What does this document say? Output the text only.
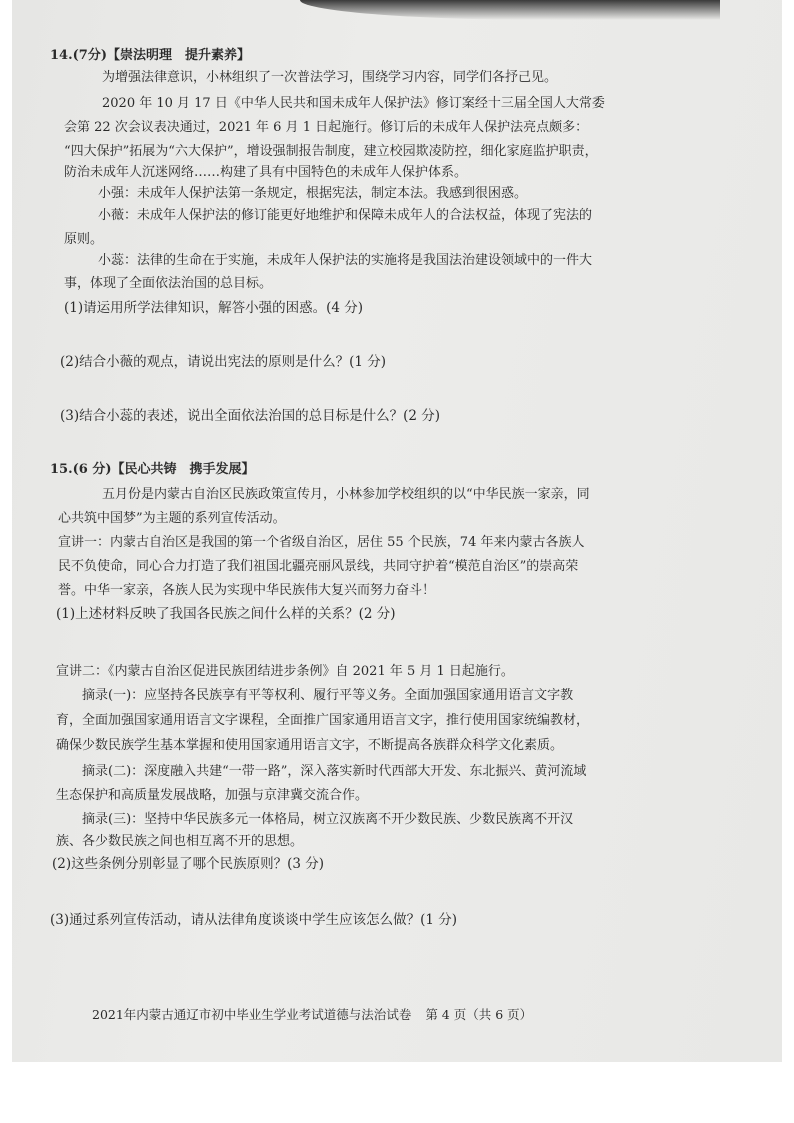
14.(7分)【崇法明理　提升素养】
为增强法律意识，小林组织了一次普法学习，围绕学习内容，同学们各抒己见。
2020 年 10 月 17 日《中华人民共和国未成年人保护法》修订案经十三届全国人大常委
会第 22 次会议表决通过，2021 年 6 月 1 日起施行。修订后的未成年人保护法亮点颇多：
“四大保护”拓展为“六大保护”，增设强制报告制度，建立校园欺凌防控，细化家庭监护职责，
防治未成年人沉迷网络……构建了具有中国特色的未成年人保护体系。
小强：未成年人保护法第一条规定，根据宪法，制定本法。我感到很困惑。
小薇：未成年人保护法的修订能更好地维护和保障未成年人的合法权益，体现了宪法的
原则。
小蕊：法律的生命在于实施，未成年人保护法的实施将是我国法治建设领域中的一件大
事，体现了全面依法治国的总目标。
(1)请运用所学法律知识，解答小强的困惑。(4 分)
(2)结合小薇的观点，请说出宪法的原则是什么？(1 分)
(3)结合小蕊的表述，说出全面依法治国的总目标是什么？(2 分)
15.(6 分)【民心共铸　携手发展】
五月份是内蒙古自治区民族政策宣传月，小林参加学校组织的以“中华民族一家亲，同
心共筑中国梦”为主题的系列宣传活动。
宣讲一：内蒙古自治区是我国的第一个省级自治区，居住 55 个民族，74 年来内蒙古各族人
民不负使命，同心合力打造了我们祖国北疆亮丽风景线，共同守护着“模范自治区”的崇高荣
誉。中华一家亲，各族人民为实现中华民族伟大复兴而努力奋斗！
(1)上述材料反映了我国各民族之间什么样的关系？(2 分)
宣讲二：《内蒙古自治区促进民族团结进步条例》自 2021 年 5 月 1 日起施行。
摘录(一)：应坚持各民族享有平等权利、履行平等义务。全面加强国家通用语言文字教
育，全面加强国家通用语言文字课程，全面推广国家通用语言文字，推行使用国家统编教材，
确保少数民族学生基本掌握和使用国家通用语言文字，不断提高各族群众科学文化素质。
摘录(二)：深度融入共建“一带一路”，深入落实新时代西部大开发、东北振兴、黄河流域
生态保护和高质量发展战略，加强与京津冀交流合作。
摘录(三)：坚持中华民族多元一体格局，树立汉族离不开少数民族、少数民族离不开汉
族、各少数民族之间也相互离不开的思想。
(2)这些条例分别彰显了哪个民族原则？(3 分)
(3)通过系列宣传活动，请从法律角度谈谈中学生应该怎么做？(1 分)
2021年内蒙古通辽市初中毕业生学业考试道德与法治试卷 第 4 页（共 6 页）
